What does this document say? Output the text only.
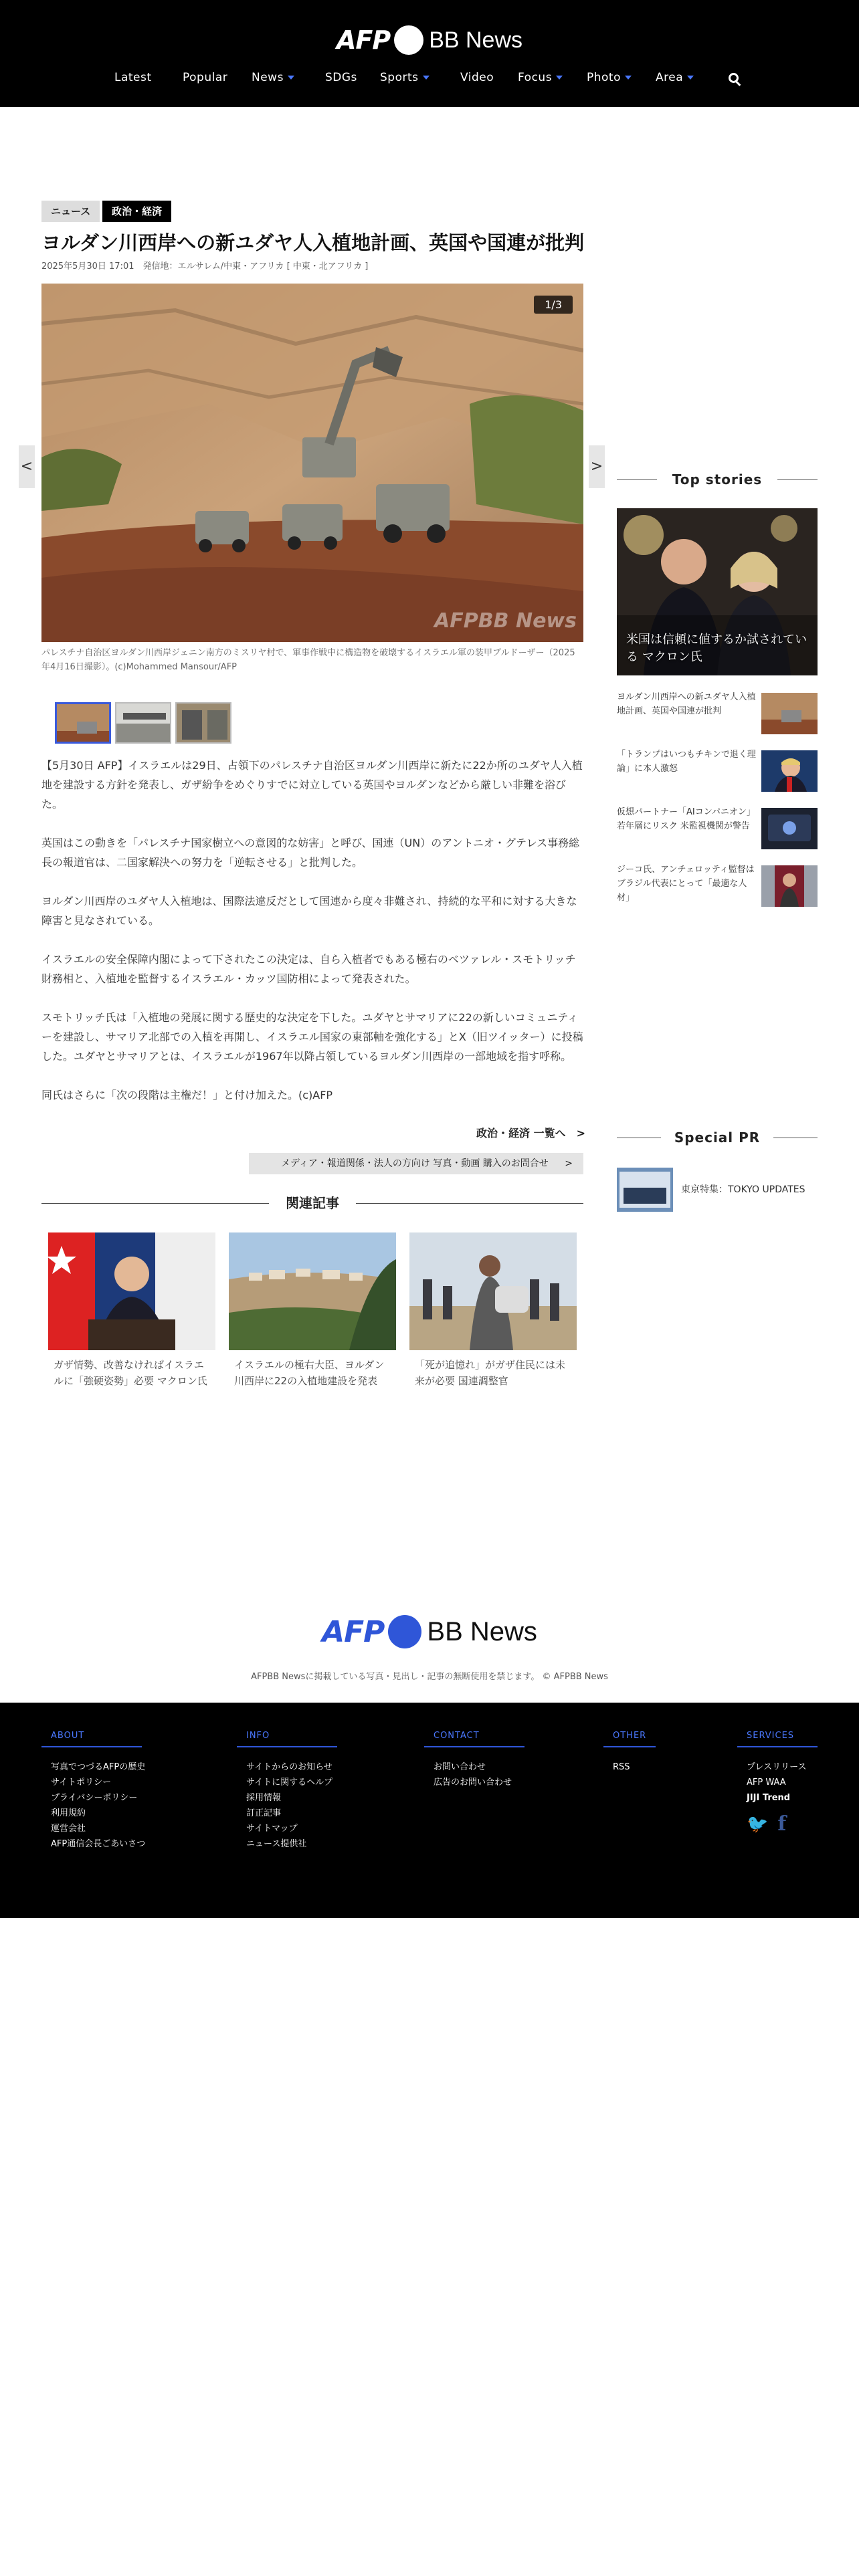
AFP BB News
Latest	Popular News	SDGs Sports	Video Focus	Photo	Area
ニュース	政治・経済
ヨルダン川西岸への新ユダヤ人入植地計画、英国や国連が批判
2025年5月30日 17:01　発信地：エルサレム/中東・アフリカ [ 中東・北アフリカ ]
1/3
AFPBB News
<	>
パレスチナ自治区ヨルダン川西岸ジェニン南方のミスリヤ村で、軍事作戦中に構造物を破壊するイスラエル軍の装甲ブルドーザー（2025年4月16日撮影）。(c)Mohammed Mansour/AFP

【5月30日 AFP】イスラエルは29日、占領下のパレスチナ自治区ヨルダン川西岸に新たに22か所のユダヤ人入植地を建設する方針を発表し、ガザ紛争をめぐりすでに対立している英国やヨルダンなどから厳しい非難を浴びた。

英国はこの動きを「パレスチナ国家樹立への意図的な妨害」と呼び、国連（UN）のアントニオ・グテレス事務総長の報道官は、二国家解決への努力を「逆転させる」と批判した。

ヨルダン川西岸のユダヤ人入植地は、国際法違反だとして国連から度々非難され、持続的な平和に対する大きな障害と見なされている。

イスラエルの安全保障内閣によって下されたこの決定は、自ら入植者でもある極右のベツァレル・スモトリッチ財務相と、入植地を監督するイスラエル・カッツ国防相によって発表された。

スモトリッチ氏は「入植地の発展に関する歴史的な決定を下した。ユダヤとサマリアに22の新しいコミュニティーを建設し、サマリア北部での入植を再開し、イスラエル国家の東部軸を強化する」とX（旧ツイッター）に投稿した。ユダヤとサマリアとは、イスラエルが1967年以降占領しているヨルダン川西岸の一部地域を指す呼称。

同氏はさらに「次の段階は主権だ！」と付け加えた。(c)AFP

政治・経済 一覧へ　>
メディア・報道関係・法人の方向け 写真・動画 購入のお問合せ >
関連記事
ガザ情勢、改善なければイスラエルに「強硬姿勢」必要 マクロン氏
イスラエルの極右大臣、ヨルダン川西岸に22の入植地建設を発表
「死が追憶れ」がガザ住民には未来が必要 国連調整官
Top stories
米国は信頼に値するか試されている マクロン氏
ヨルダン川西岸への新ユダヤ人入植地計画、英国や国連が批判
「トランプはいつもチキンで退く理論」に本人激怒
仮想パートナー「AIコンパニオン」若年層にリスク 米監視機関が警告
ジーコ氏、アンチェロッティ監督はブラジル代表にとって「最適な人材」
Special PR
東京特集：TOKYO UPDATES
AFP BB News
AFPBB Newsに掲載している写真・見出し・記事の無断使用を禁じます。 © AFPBB News
ABOUT
写真でつづるAFPの歴史
サイトポリシー
プライバシーポリシー
利用規約
運営会社
AFP通信会長ごあいさつ
INFO
サイトからのお知らせ
サイトに関するヘルプ
採用情報
訂正記事
サイトマップ
ニュース提供社
CONTACT
お問い合わせ
広告のお問い合わせ
OTHER
RSS
SERVICES
プレスリリース
AFP WAA
JIJI Trend
🐦 f
